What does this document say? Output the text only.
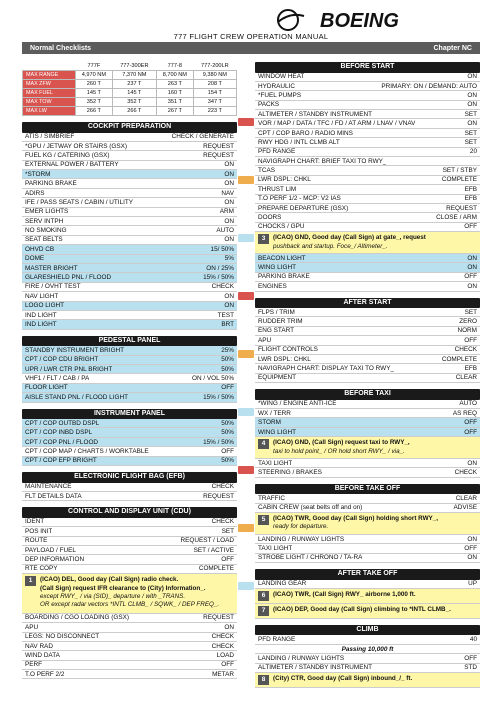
BOEING
777 FLIGHT CREW OPERATION MANUAL
Normal Checklists	Chapter NC
	777F	777-300ER	777-8	777-200LR
MAX RANGE	4,970 NM	7,370 NM	8,700 NM	9,380 NM
MAX ZFW	260 T	237 T	263 T	208 T
MAX FUEL	145 T	145 T	160 T	154 T
MAX TOW	352 T	352 T	351 T	347 T
MAX LW	266 T	266 T	267 T	223 T
COCKPIT PREPARATION
ATIS / SIMBRIEF	CHECK / GENERATE
*GPU / JETWAY OR STAIRS (GSX)	REQUEST
FUEL KG / CATERING (GSX)	REQUEST
EXTERNAL POWER / BATTERY	ON
*STORM	ON
PARKING BRAKE	ON
ADIRS	NAV
IFE / PASS SEATS / CABIN / UTILITY	ON
EMER LIGHTS	ARM
SERV INTPH	ON
NO SMOKING	AUTO
SEAT BELTS	ON
OHVD CB	15/ 50%
DOME	5%
MASTER BRIGHT	ON / 25%
GLARESHIELD PNL / FLOOD	15% / 50%
FIRE / OVHT TEST	CHECK
NAV LIGHT	ON
LOGO LIGHT	ON
IND LIGHT	TEST
IND LIGHT	BRT
PEDESTAL PANEL
STANDBY INSTRUMENT BRIGHT	25%
CPT / COP CDU BRIGHT	50%
UPR / LWR CTR PNL BRIGHT	50%
VHF1 / FLT / CAB / PA	ON / VOL 50%
FLOOR LIGHT	OFF
AISLE STAND PNL / FLOOD LIGHT	15% / 50%
INSTRUMENT PANEL
CPT / COP OUTBD DSPL	50%
CPT / COP INBD DSPL	50%
CPT / COP PNL / FLOOD	15% / 50%
CPT / COP MAP / CHARTS / WORKTABLE	OFF
CPT / COP EFP BRIGHT	50%
ELECTRONIC FLIGHT BAG (EFB)
MAINTENANCE	CHECK
FLT DETAILS DATA	REQUEST
CONTROL AND DISPLAY UNIT (CDU)
IDENT	CHECK
POS INIT	SET
ROUTE	REQUEST / LOAD
PAYLOAD / FUEL	SET / ACTIVE
DEP INFORMATION	OFF
RTE COPY	COMPLETE
1	(ICAO) DEL, Good day (Call Sign) radio check.
(Call Sign) request IFR clearance to (City) Information_.
except RWY_ / via (SID)_ departure / with _TRANS.
OR except radar vectors *INTL CLMB_ / SQWK_ / DEP FREQ_.
BOARDING / CGO LOADING (GSX)	REQUEST
APU	ON
LEGS: NO DISCONNECT	CHECK
NAV RAD	CHECK
WIND DATA	LOAD
PERF	OFF
T.O PERF 2/2	METAR
BEFORE START
WINDOW HEAT	ON
HYDRAULIC	PRIMARY: ON / DEMAND: AUTO
*FUEL PUMPS	ON
PACKS	ON
ALTIMETER / STANDBY INSTRUMENT	SET
VOR / MAP / DATA / TFC / FD / AT ARM / LNAV / VNAV	ON
CPT / COP BARO / RADIO MINS	SET
RWY HDG / INTL CLMB ALT	SET
PFD RANGE	20
NAVIGRAPH CHART: BRIEF TAXI TO RWY_
TCAS	SET / STBY
LWR DSPL: CHKL	COMPLETE
THRUST LIM	EFB
T.O PERF 1/2 - MCP: V2 IAS	EFB
PREPARE DEPARTURE (GSX)	REQUEST
DOORS	CLOSE / ARM
CHOCKS / GPU	OFF
3	(ICAO) GND, Good day (Call Sign) at gate_, request
pushback and startup. Foce_/ Altimeter_.
BEACON LIGHT	ON
WING LIGHT	ON
PARKING BRAKE	OFF
ENGINES	ON
AFTER START
FLPS / TRIM	SET
RUDDER TRIM	ZERO
ENG START	NORM
APU	OFF
FLIGHT CONTROLS	CHECK
LWR DSPL: CHKL	COMPLETE
NAVIGRAPH CHART: DISPLAY TAXI TO RWY_	EFB
EQUIPMENT	CLEAR
BEFORE TAXI
*WING / ENGINE ANTI-ICE	AUTO
WX / TERR	AS REQ
STORM	OFF
WING LIGHT	OFF
4	(ICAO) GND, (Call Sign) request taxi to RWY_,
taxi to hold point_ / OR hold short RWY_ / via_.
TAXI LIGHT	ON
STEERING / BRAKES	CHECK
BEFORE TAKE OFF
TRAFFIC	CLEAR
CABIN CREW (seat belts off and on)	ADVISE
5	(ICAO) TWR, Good day (Call Sign) holding short RWY_,
ready for departure.
LANDING / RUNWAY LIGHTS	ON
TAXI LIGHT	OFF
STROBE LIGHT / CHRONO / TA-RA	ON
AFTER TAKE OFF
LANDING GEAR	UP
6	(ICAO) TWR, (Call Sign) RWY_ airborne 1,000 ft.
7	(ICAO) DEP, Good day (Call Sign) climbing to *INTL CLMB_.
CLIMB
PFD RANGE	40
Passing 10,000 ft
LANDING / RUNWAY LIGHTS	OFF
ALTIMETER / STANDBY INSTRUMENT	STD
8	(City) CTR, Good day (Call Sign) inbound_/_ ft.
